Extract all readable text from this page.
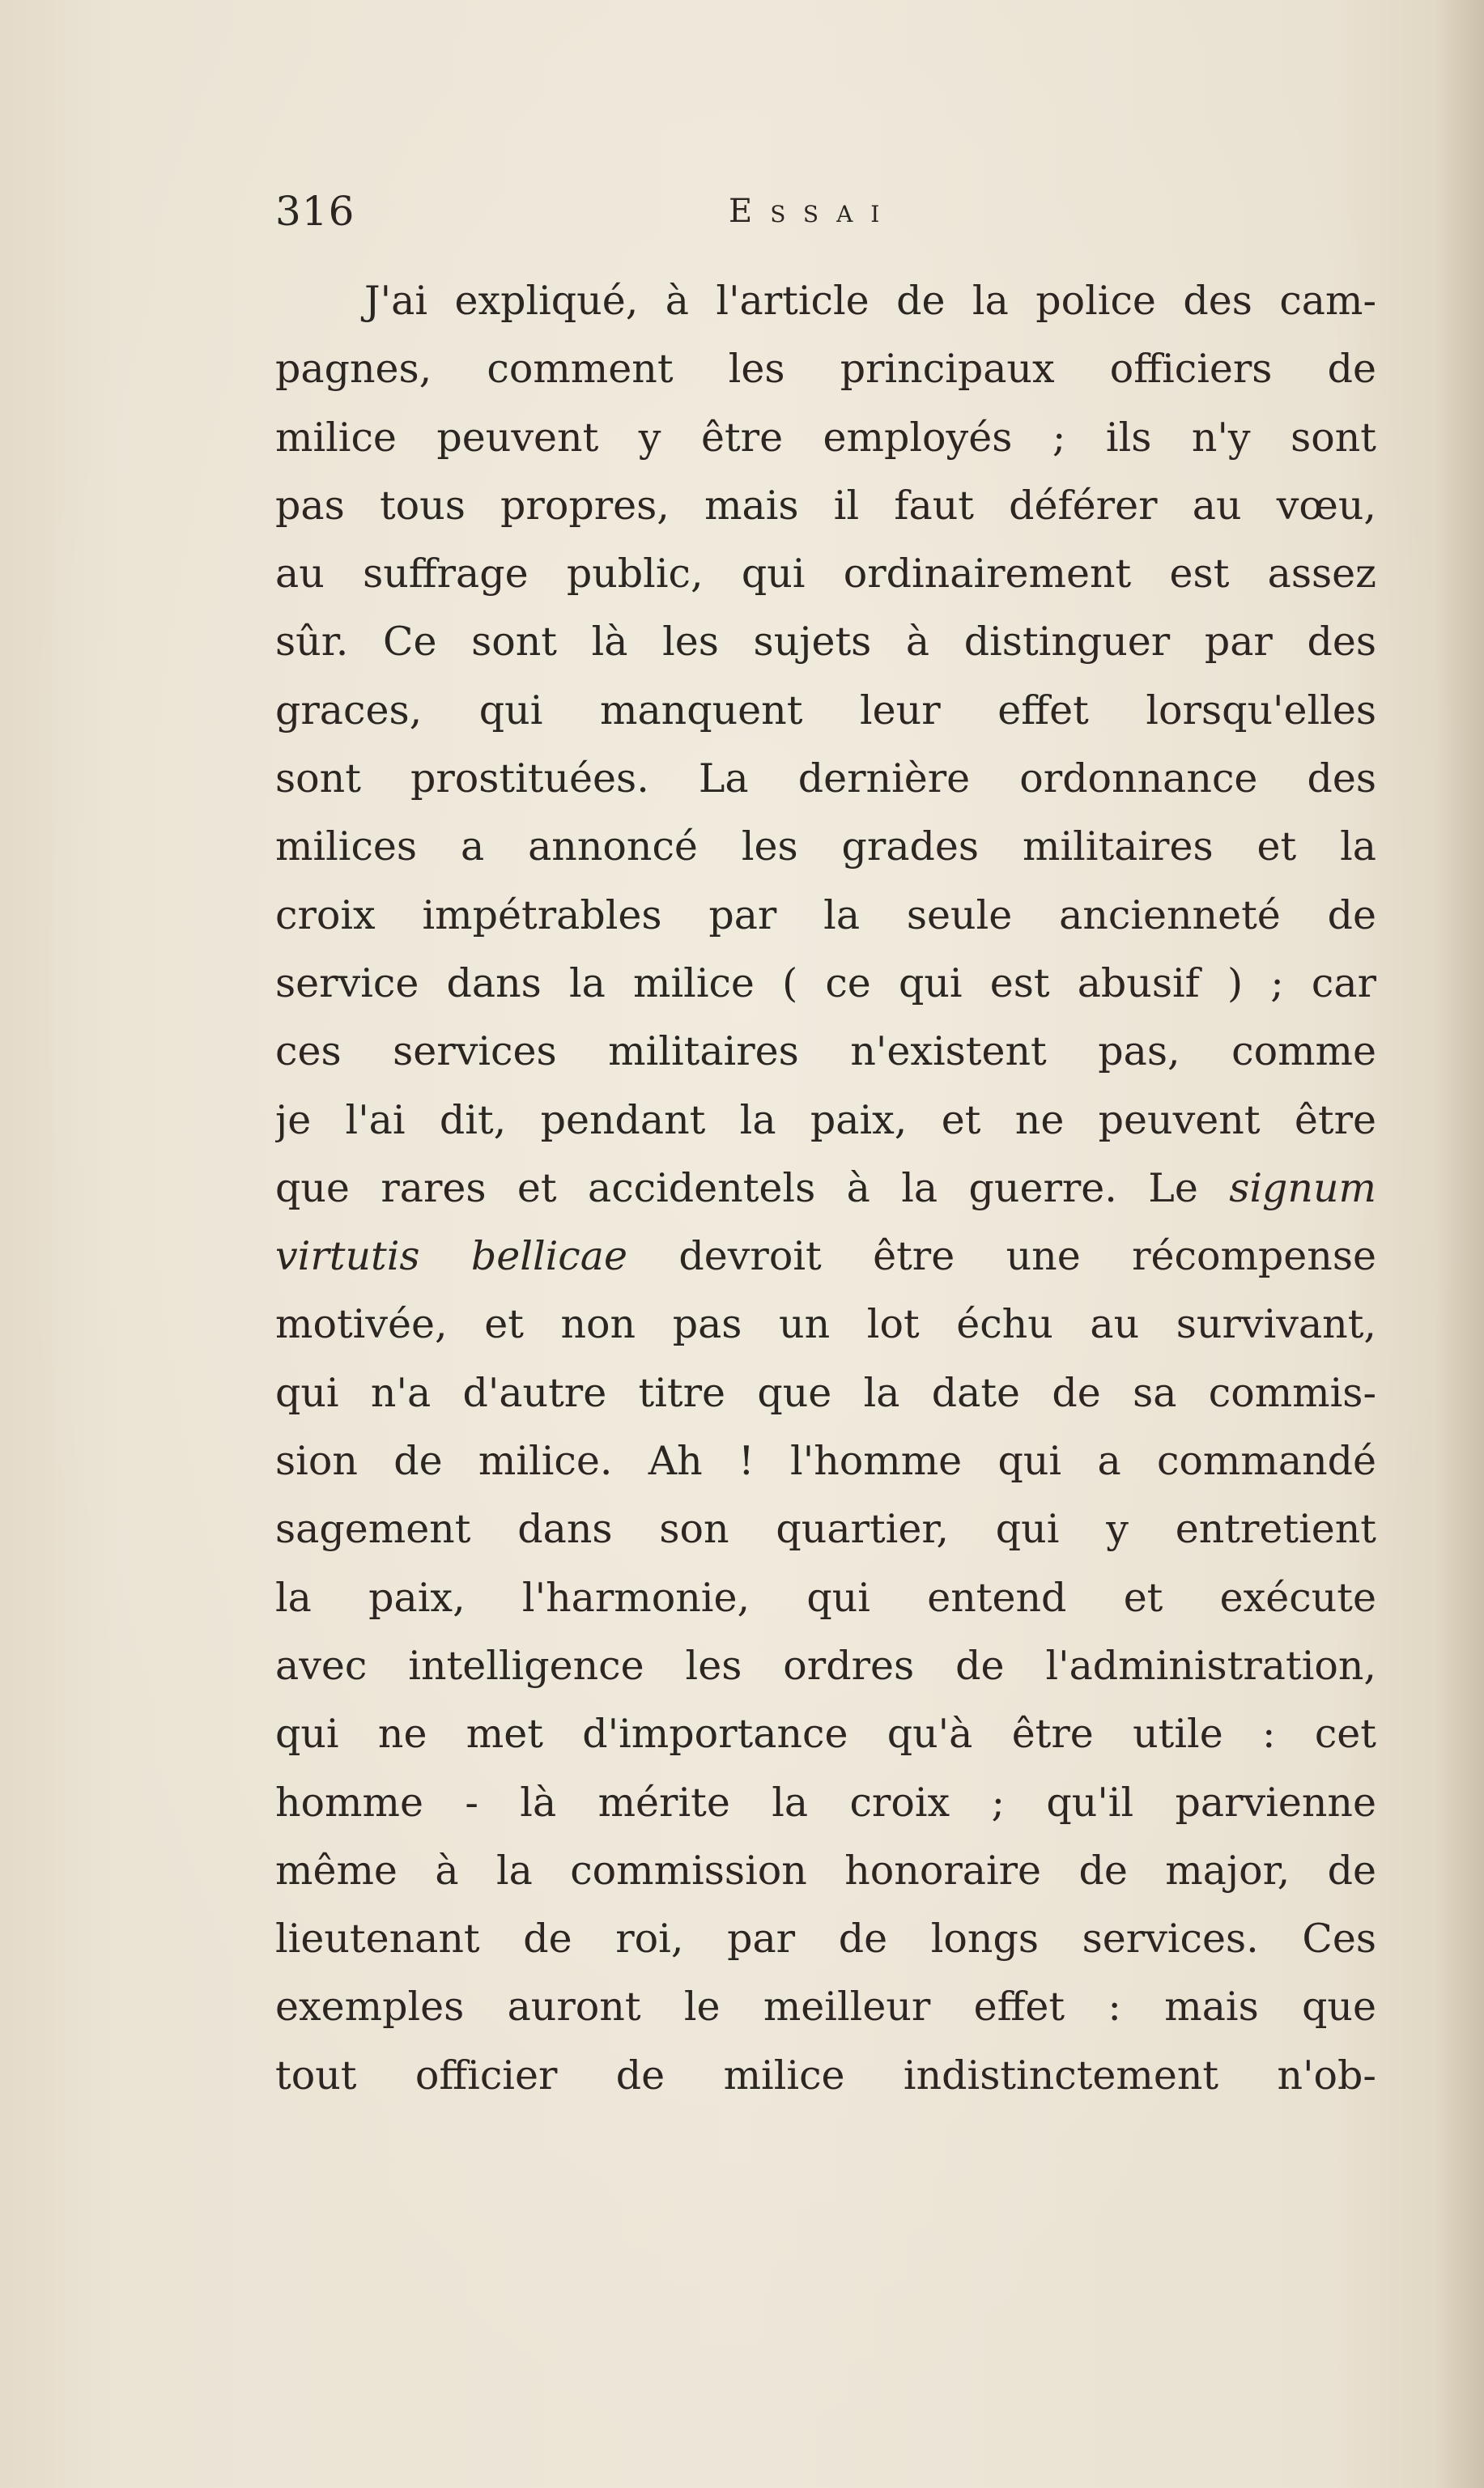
316	Essai
J'ai expliqué, à l'article de la police des cam-
pagnes, comment les principaux officiers de
milice peuvent y être employés ; ils n'y sont
pas tous propres, mais il faut déférer au vœu,
au suffrage public, qui ordinairement est assez
sûr. Ce sont là les sujets à distinguer par des
graces, qui manquent leur effet lorsqu'elles
sont prostituées. La dernière ordonnance des
milices a annoncé les grades militaires et la
croix impétrables par la seule ancienneté de
service dans la milice ( ce qui est abusif ) ; car
ces services militaires n'existent pas, comme
je l'ai dit, pendant la paix, et ne peuvent être
que rares et accidentels à la guerre. Le signum
virtutis bellicae devroit être une récompense
motivée, et non pas un lot échu au survivant,
qui n'a d'autre titre que la date de sa commis-
sion de milice. Ah ! l'homme qui a commandé
sagement dans son quartier, qui y entretient
la paix, l'harmonie, qui entend et exécute
avec intelligence les ordres de l'administration,
qui ne met d'importance qu'à être utile : cet
homme - là mérite la croix ; qu'il parvienne
même à la commission honoraire de major, de
lieutenant de roi, par de longs services. Ces
exemples auront le meilleur effet : mais que
tout officier de milice indistinctement n'ob-
